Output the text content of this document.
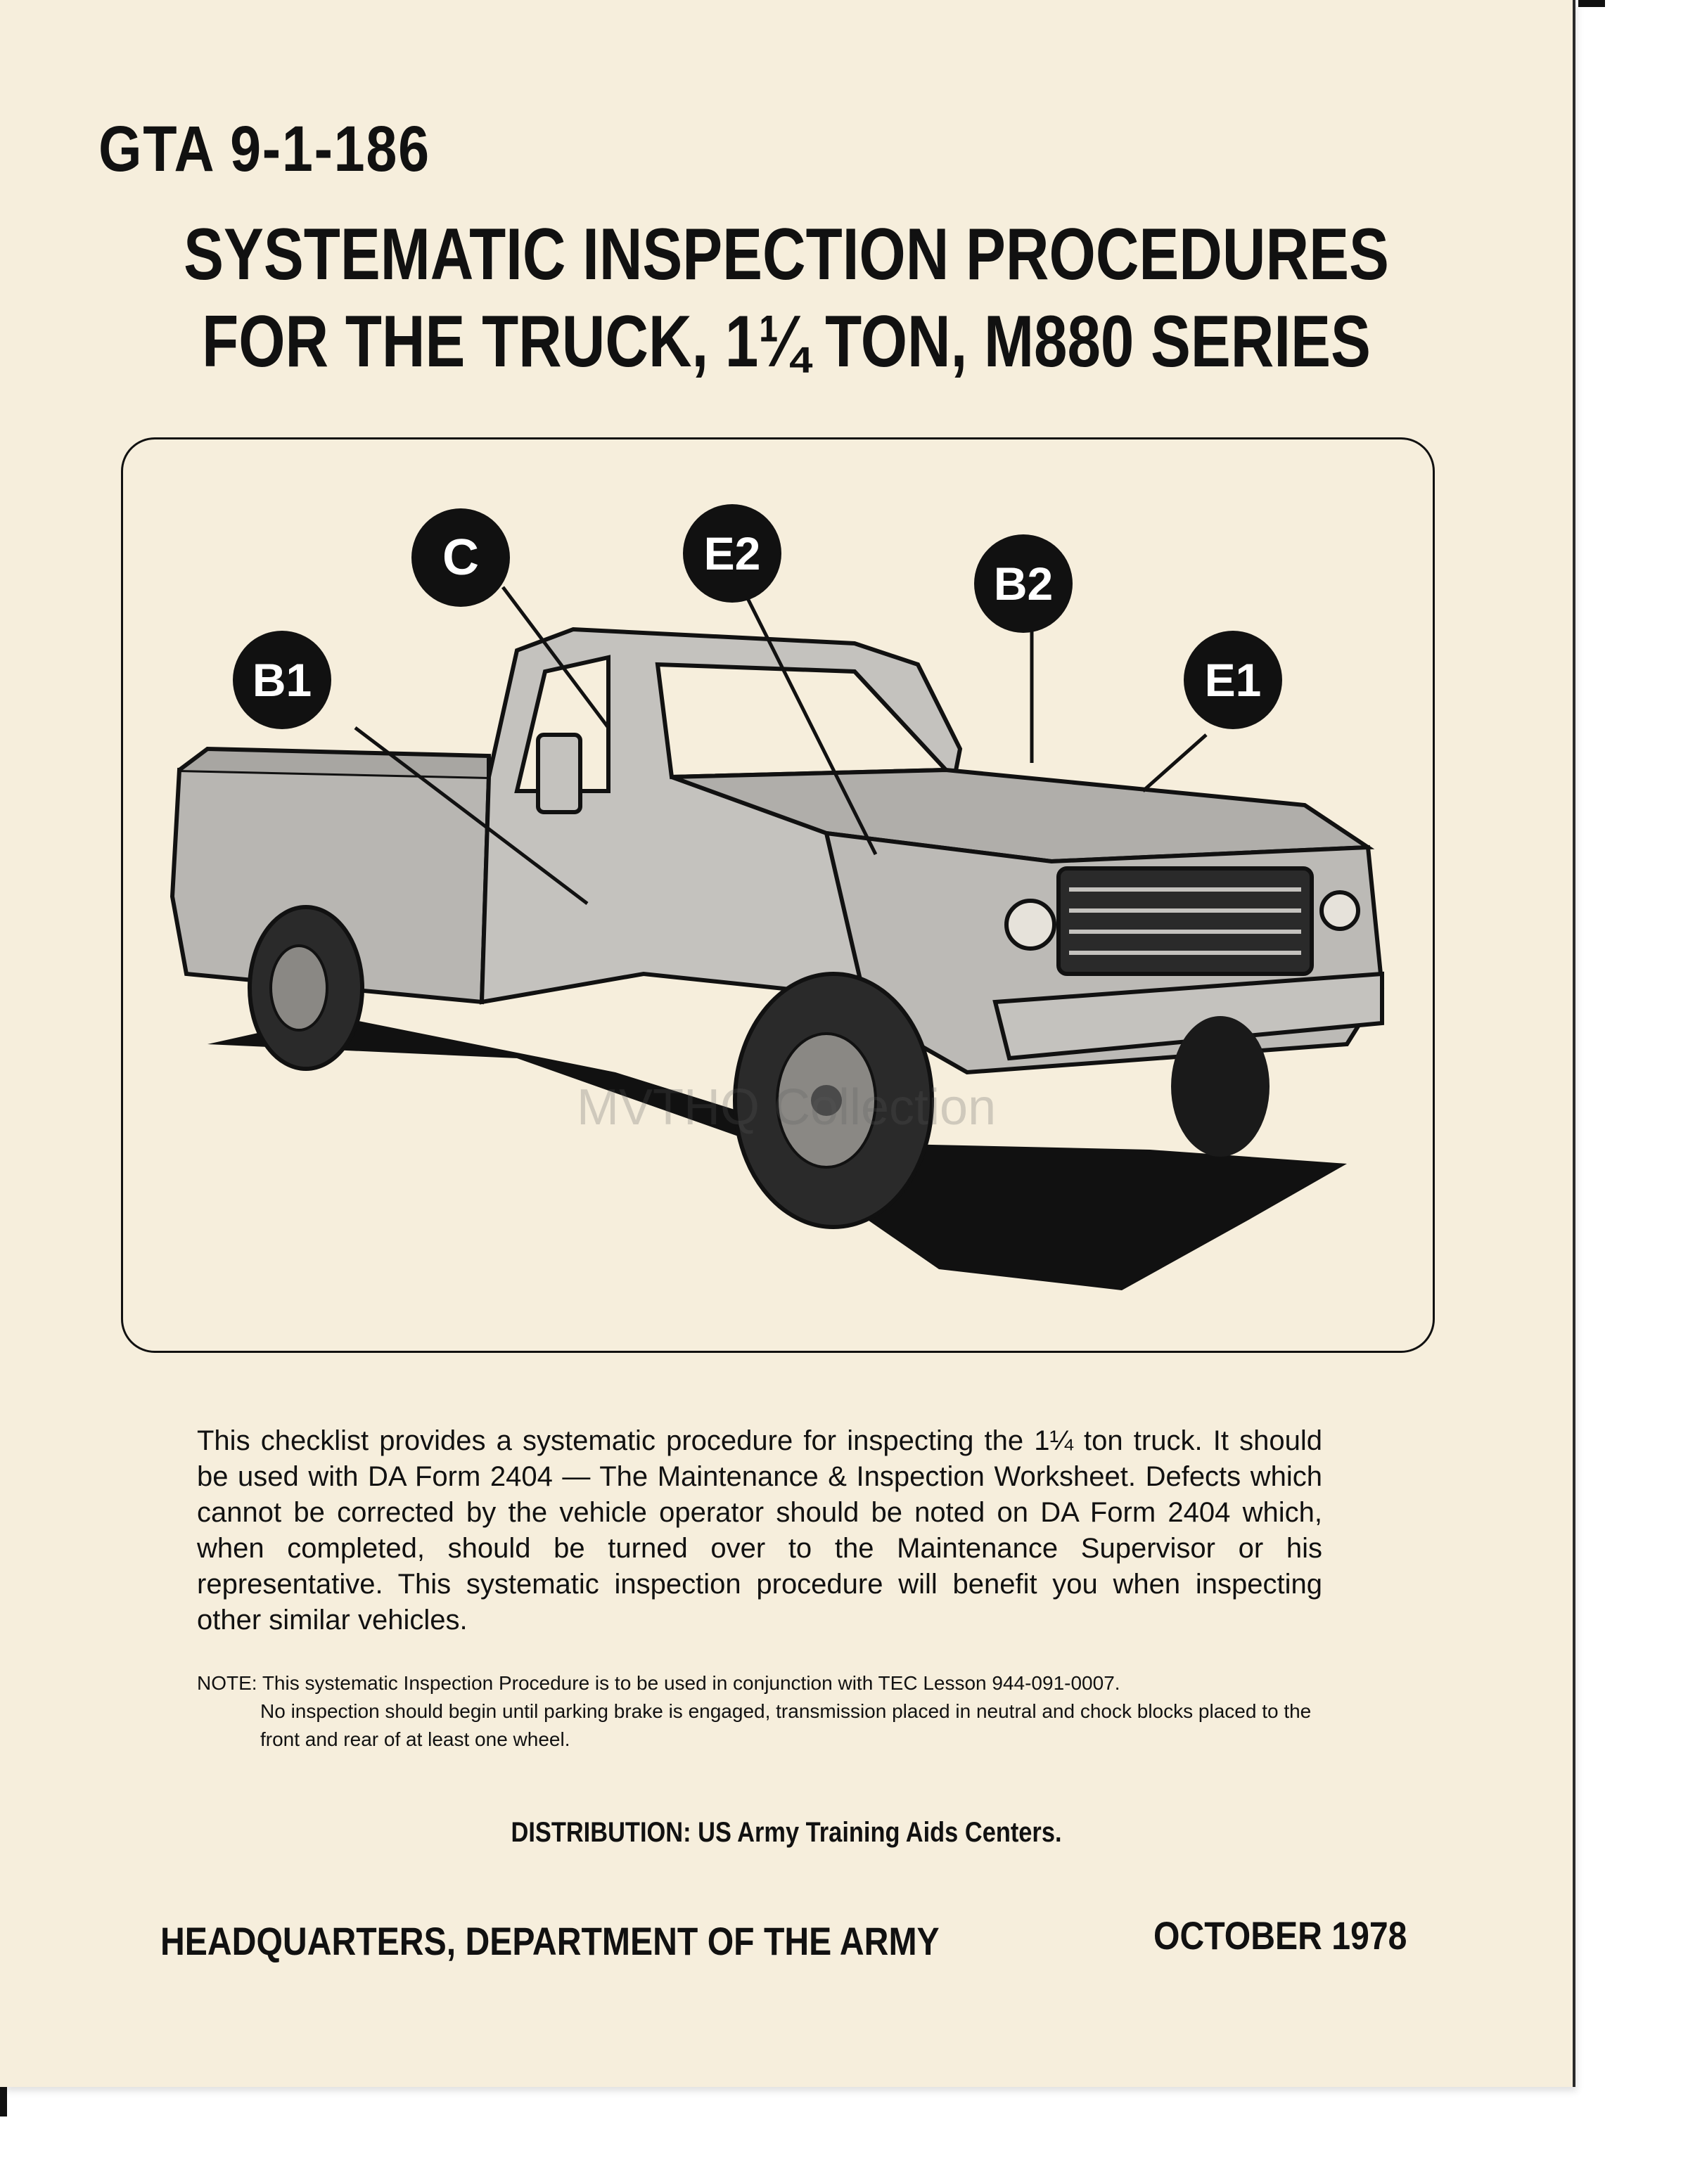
GTA 9-1-186
SYSTEMATIC INSPECTION PROCEDURES
FOR THE TRUCK, 1¼ TON, M880 SERIES
C	E2
B2
B1	E1
MVTHQ Collection
This checklist provides a systematic procedure for inspecting the 1¼ ton truck. It should be used with DA Form 2404 — The Maintenance & Inspection Worksheet. Defects which cannot be corrected by the vehicle operator should be noted on DA Form 2404 which, when completed, should be turned over to the Maintenance Supervisor or his representative. This systematic inspection procedure will benefit you when inspecting other similar vehicles.
NOTE: This systematic Inspection Procedure is to be used in conjunction with TEC Lesson 944-091-0007.
No inspection should begin until parking brake is engaged, transmission placed in neutral and chock blocks placed to the front and rear of at least one wheel.
DISTRIBUTION: US Army Training Aids Centers.
HEADQUARTERS, DEPARTMENT OF THE ARMY	OCTOBER 1978
